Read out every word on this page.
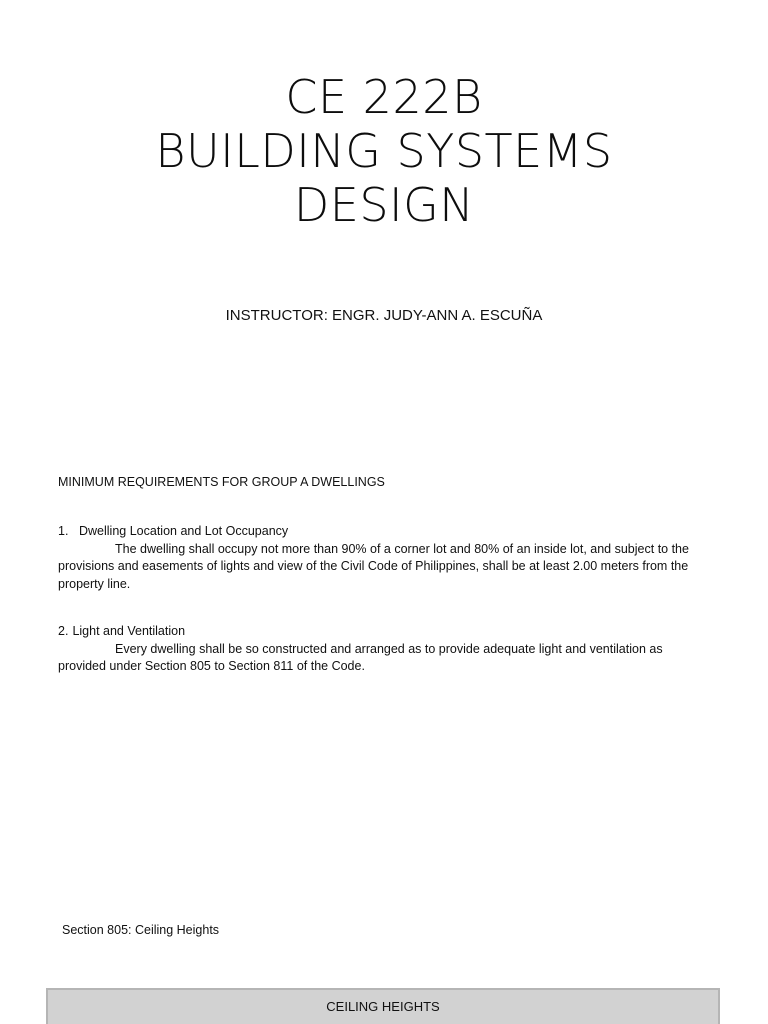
CE 222B
BUILDING SYSTEMS
DESIGN
INSTRUCTOR: ENGR. JUDY-ANN A. ESCUÑA
MINIMUM REQUIREMENTS FOR GROUP A DWELLINGS
1. Dwelling Location and Lot Occupancy
The dwelling shall occupy not more than 90% of a corner lot and 80% of an inside lot, and subject to the provisions and easements of lights and view of the Civil Code of Philippines, shall be at least 2.00 meters from the property line.
2. Light and Ventilation
Every dwelling shall be so constructed and arranged as to provide adequate light and ventilation as provided under Section 805 to Section 811 of the Code.
Section 805: Ceiling Heights
CEILING HEIGHTS
